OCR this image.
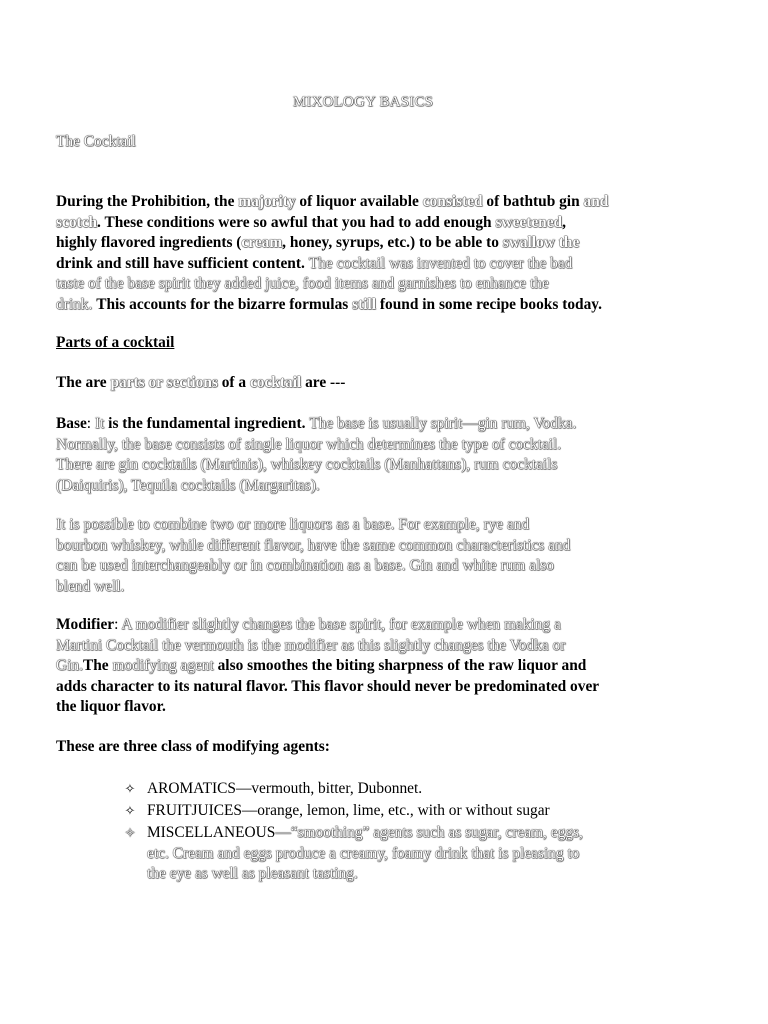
MIXOLOGY BASICS
The Cocktail
During the Prohibition, the majority of liquor available consisted of bathtub gin and
scotch. These conditions were so awful that you had to add enough sweetened,
highly flavored ingredients (cream, honey, syrups, etc.) to be able to swallow the
drink and still have sufficient content. The cocktail was invented to cover the bad
taste of the base spirit they added juice, food items and garnishes to enhance the
drink. This accounts for the bizarre formulas still found in some recipe books today.
Parts of a cocktail
The are parts or sections of a cocktail are ---
Base: It is the fundamental ingredient. The base is usually spirit—gin rum, Vodka.
Normally, the base consists of single liquor which determines the type of cocktail.
There are gin cocktails (Martinis), whiskey cocktails (Manhattans), rum cocktails
(Daiquiris), Tequila cocktails (Margaritas).
It is possible to combine two or more liquors as a base. For example, rye and
bourbon whiskey, while different flavor, have the same common characteristics and
can be used interchangeably or in combination as a base. Gin and white rum also
blend well.
Modifier: A modifier slightly changes the base spirit, for example when making a
Martini Cocktail the vermouth is the modifier as this slightly changes the Vodka or
Gin.The modifying agent also smoothes the biting sharpness of the raw liquor and
adds character to its natural flavor. This flavor should never be predominated over
the liquor flavor.
These are three class of modifying agents:
✧ AROMATICS—vermouth, bitter, Dubonnet.
✧ FRUITJUICES—orange, lemon, lime, etc., with or without sugar
✧ MISCELLANEOUS—“smoothing” agents such as sugar, cream, eggs,
etc. Cream and eggs produce a creamy, foamy drink that is pleasing to
the eye as well as pleasant tasting.
